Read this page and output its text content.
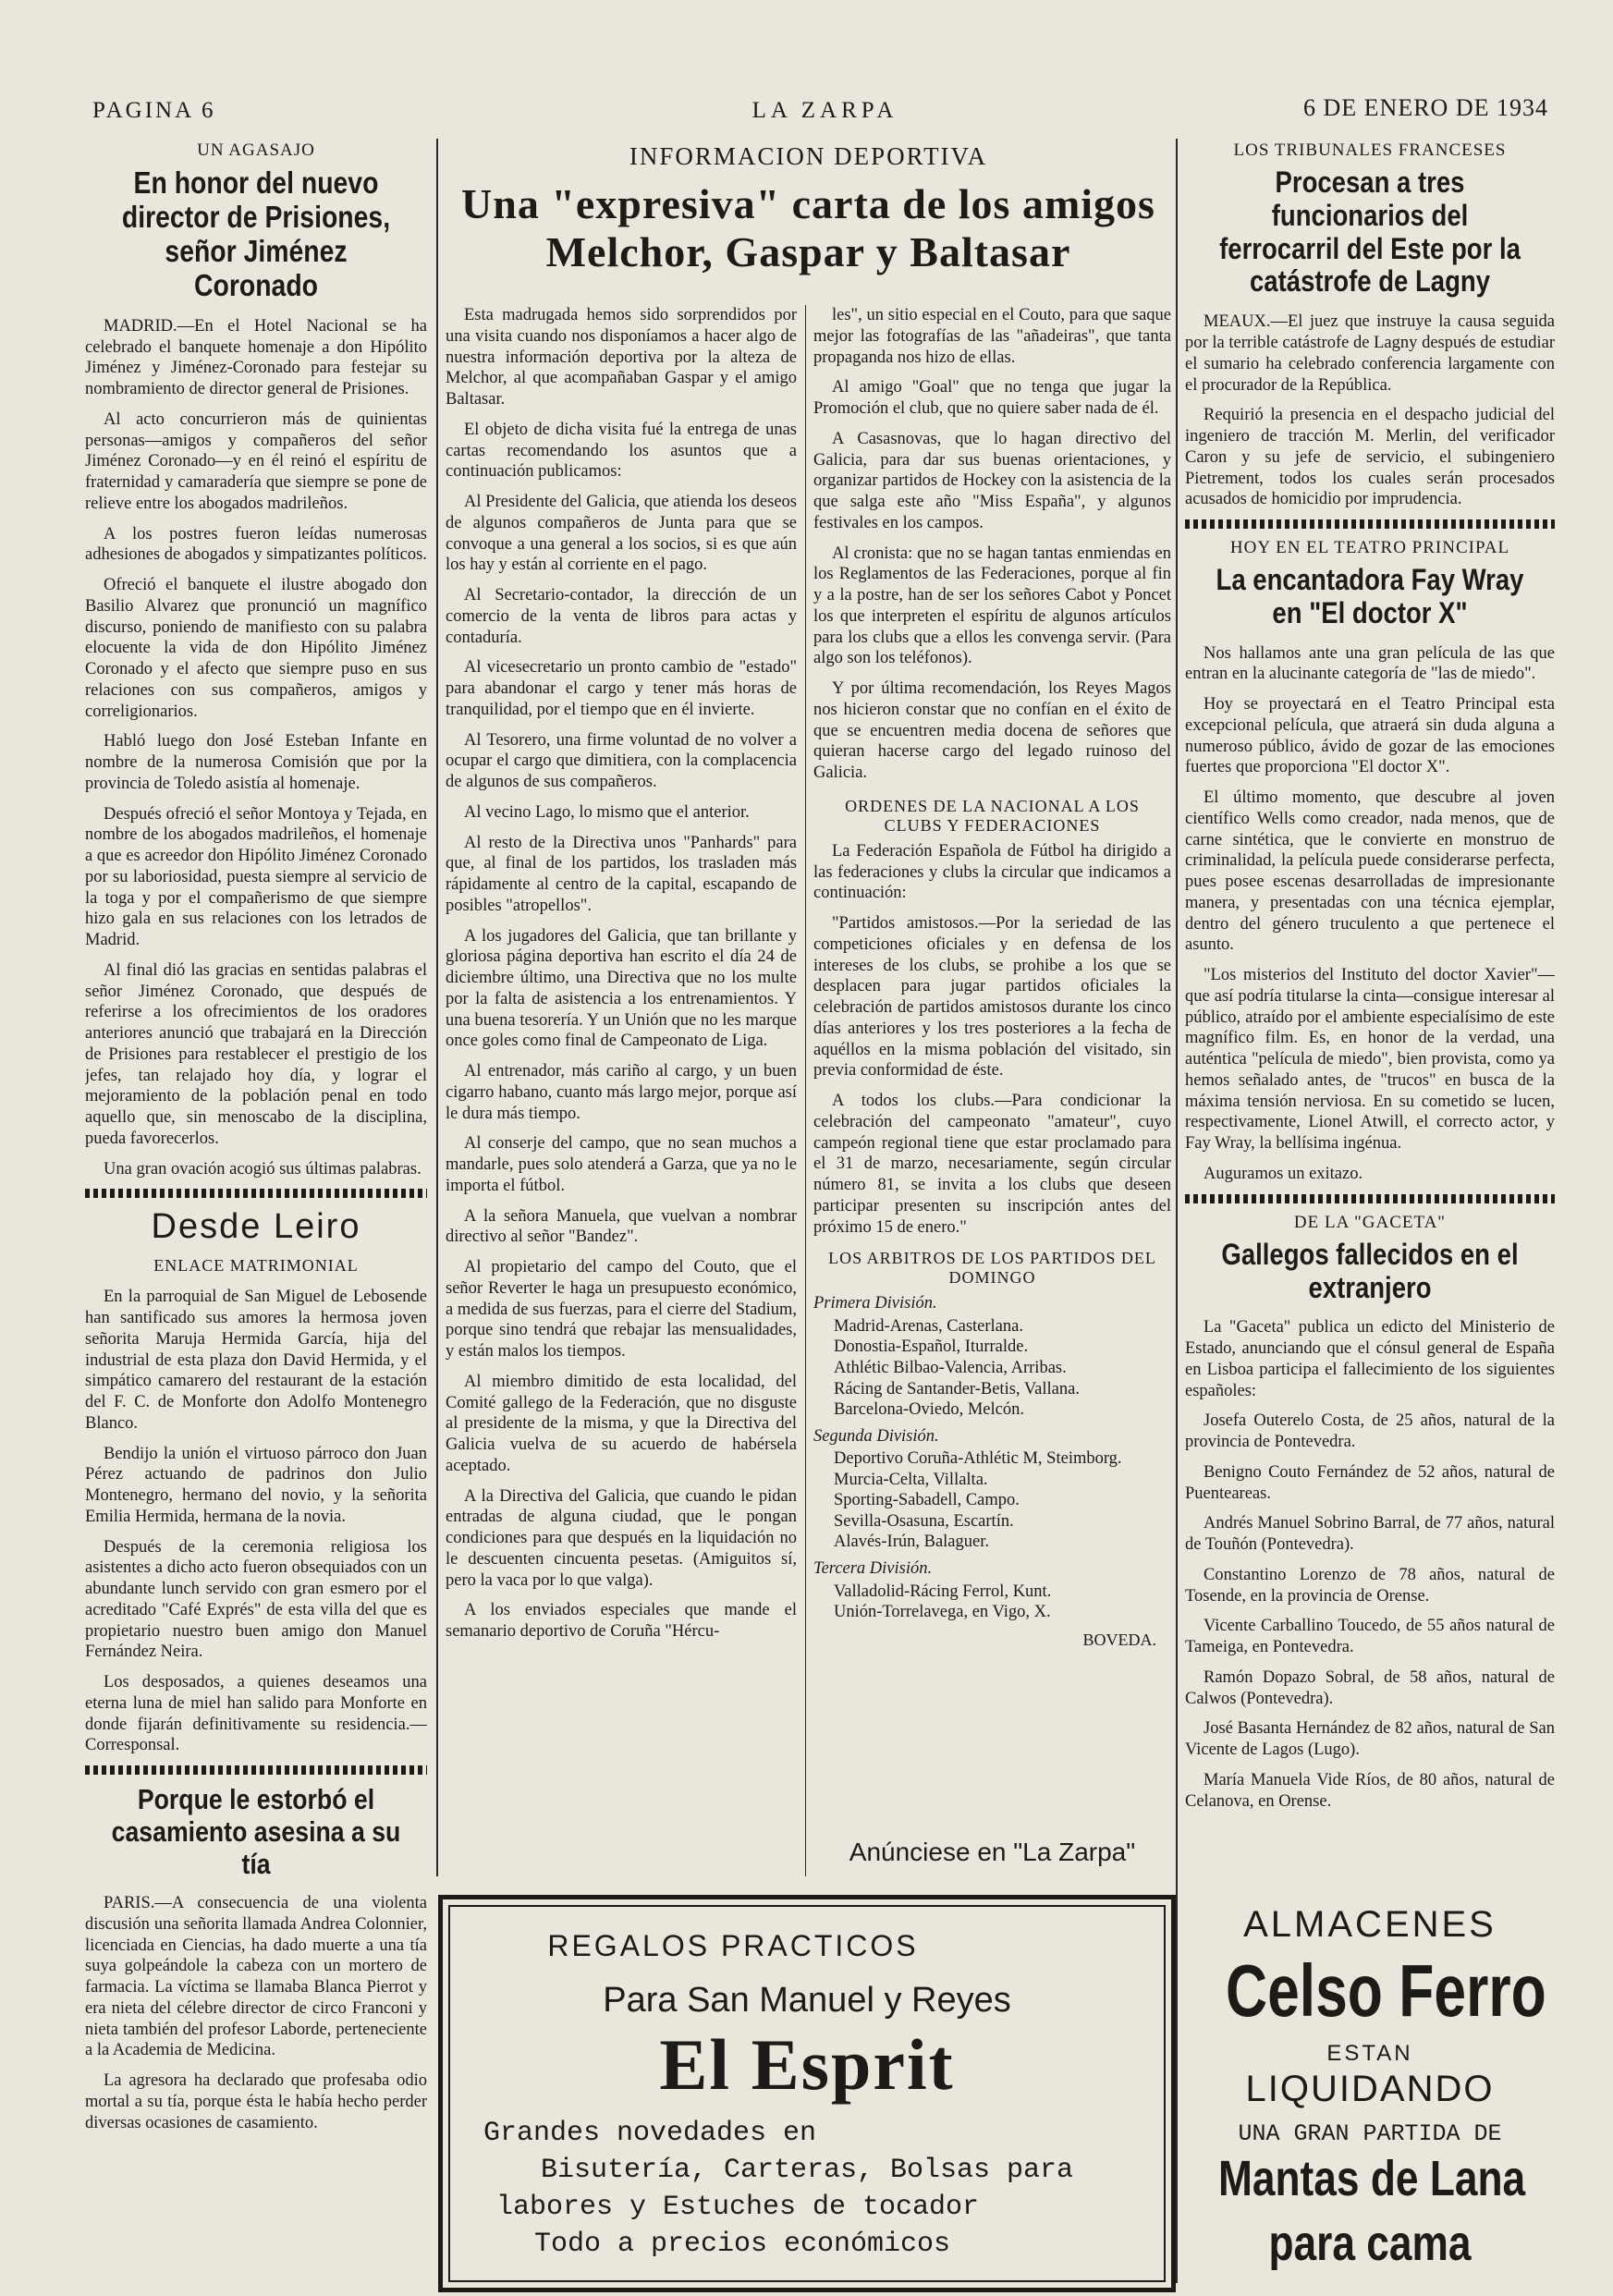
PAGINA 6	LA ZARPA	6 DE ENERO DE 1934
UN AGASAJO
En honor del nuevo director de Prisiones, señor Jiménez Coronado

MADRID.—En el Hotel Nacional se ha celebrado el banquete homenaje a don Hipólito Jiménez y Jiménez-Coronado para festejar su nombramiento de director general de Prisiones.

Al acto concurrieron más de quinientas personas—amigos y compañeros del señor Jiménez Coronado—y en él reinó el espíritu de fraternidad y camaradería que siempre se pone de relieve entre los abogados madrileños.

A los postres fueron leídas numerosas adhesiones de abogados y simpatizantes políticos.

Ofreció el banquete el ilustre abogado don Basilio Alvarez que pronunció un magnífico discurso, poniendo de manifiesto con su palabra elocuente la vida de don Hipólito Jiménez Coronado y el afecto que siempre puso en sus relaciones con sus compañeros, amigos y correligionarios.

Habló luego don José Esteban Infante en nombre de la numerosa Comisión que por la provincia de Toledo asistía al homenaje.

Después ofreció el señor Montoya y Tejada, en nombre de los abogados madrileños, el homenaje a que es acreedor don Hipólito Jiménez Coronado por su laboriosidad, puesta siempre al servicio de la toga y por el compañerismo de que siempre hizo gala en sus relaciones con los letrados de Madrid.

Al final dió las gracias en sentidas palabras el señor Jiménez Coronado, que después de referirse a los ofrecimientos de los oradores anteriores anunció que trabajará en la Dirección de Prisiones para restablecer el prestigio de los jefes, tan relajado hoy día, y lograr el mejoramiento de la población penal en todo aquello que, sin menoscabo de la disciplina, pueda favorecerlos.

Una gran ovación acogió sus últimas palabras.

Desde Leiro
ENLACE MATRIMONIAL

En la parroquial de San Miguel de Lebosende han santificado sus amores la hermosa joven señorita Maruja Hermida García, hija del industrial de esta plaza don David Hermida, y el simpático camarero del restaurant de la estación del F. C. de Monforte don Adolfo Montenegro Blanco.

Bendijo la unión el virtuoso párroco don Juan Pérez actuando de padrinos don Julio Montenegro, hermano del novio, y la señorita Emilia Hermida, hermana de la novia.

Después de la ceremonia religiosa los asistentes a dicho acto fueron obsequiados con un abundante lunch servido con gran esmero por el acreditado "Café Exprés" de esta villa del que es propietario nuestro buen amigo don Manuel Fernández Neira.

Los desposados, a quienes deseamos una eterna luna de miel han salido para Monforte en donde fijarán definitivamente su residencia.—Corresponsal.

Porque le estorbó el casamiento asesina a su tía

PARIS.—A consecuencia de una violenta discusión una señorita llamada Andrea Colonnier, licenciada en Ciencias, ha dado muerte a una tía suya golpeándole la cabeza con un mortero de farmacia. La víctima se llamaba Blanca Pierrot y era nieta del célebre director de circo Franconi y nieta también del profesor Laborde, perteneciente a la Academia de Medicina.

La agresora ha declarado que profesaba odio mortal a su tía, porque ésta le había hecho perder diversas ocasiones de casamiento.

INFORMACION DEPORTIVA
Una "expresiva" carta de los amigos Melchor, Gaspar y Baltasar

Esta madrugada hemos sido sorprendidos por una visita cuando nos disponíamos a hacer algo de nuestra información deportiva por la alteza de Melchor, al que acompañaban Gaspar y el amigo Baltasar.

El objeto de dicha visita fué la entrega de unas cartas recomendando los asuntos que a continuación publicamos:

Al Presidente del Galicia, que atienda los deseos de algunos compañeros de Junta para que se convoque a una general a los socios, si es que aún los hay y están al corriente en el pago.

Al Secretario-contador, la dirección de un comercio de la venta de libros para actas y contaduría.

Al vicesecretario un pronto cambio de "estado" para abandonar el cargo y tener más horas de tranquilidad, por el tiempo que en él invierte.

Al Tesorero, una firme voluntad de no volver a ocupar el cargo que dimitiera, con la complacencia de algunos de sus compañeros.

Al vecino Lago, lo mismo que el anterior.

Al resto de la Directiva unos "Panhards" para que, al final de los partidos, los trasladen más rápidamente al centro de la capital, escapando de posibles "atropellos".

A los jugadores del Galicia, que tan brillante y gloriosa página deportiva han escrito el día 24 de diciembre último, una Directiva que no los multe por la falta de asistencia a los entrenamientos. Y una buena tesorería. Y un Unión que no les marque once goles como final de Campeonato de Liga.

Al entrenador, más cariño al cargo, y un buen cigarro habano, cuanto más largo mejor, porque así le dura más tiempo.

Al conserje del campo, que no sean muchos a mandarle, pues solo atenderá a Garza, que ya no le importa el fútbol.

A la señora Manuela, que vuelvan a nombrar directivo al señor "Bandez".

Al propietario del campo del Couto, que el señor Reverter le haga un presupuesto económico, a medida de sus fuerzas, para el cierre del Stadium, porque sino tendrá que rebajar las mensualidades, y están malos los tiempos.

Al miembro dimitido de esta localidad, del Comité gallego de la Federación, que no disguste al presidente de la misma, y que la Directiva del Galicia vuelva de su acuerdo de habérsela aceptado.

A la Directiva del Galicia, que cuando le pidan entradas de alguna ciudad, que le pongan condiciones para que después en la liquidación no le descuenten cincuenta pesetas. (Amiguitos sí, pero la vaca por lo que valga).

A los enviados especiales que mande el semanario deportivo de Coruña "Hércu-

les", un sitio especial en el Couto, para que saque mejor las fotografías de las "añadeiras", que tanta propaganda nos hizo de ellas.

Al amigo "Goal" que no tenga que jugar la Promoción el club, que no quiere saber nada de él.

A Casasnovas, que lo hagan directivo del Galicia, para dar sus buenas orientaciones, y organizar partidos de Hockey con la asistencia de la que salga este año "Miss España", y algunos festivales en los campos.

Al cronista: que no se hagan tantas enmiendas en los Reglamentos de las Federaciones, porque al fin y a la postre, han de ser los señores Cabot y Poncet los que interpreten el espíritu de algunos artículos para los clubs que a ellos les convenga servir. (Para algo son los teléfonos).

Y por última recomendación, los Reyes Magos nos hicieron constar que no confían en el éxito de que se encuentren media docena de señores que quieran hacerse cargo del legado ruinoso del Galicia.

ORDENES DE LA NACIONAL A LOS CLUBS Y FEDERACIONES

La Federación Española de Fútbol ha dirigido a las federaciones y clubs la circular que indicamos a continuación:

"Partidos amistosos.—Por la seriedad de las competiciones oficiales y en defensa de los intereses de los clubs, se prohibe a los que se desplacen para jugar partidos oficiales la celebración de partidos amistosos durante los cinco días anteriores y los tres posteriores a la fecha de aquéllos en la misma población del visitado, sin previa conformidad de éste.

A todos los clubs.—Para condicionar la celebración del campeonato "amateur", cuyo campeón regional tiene que estar proclamado para el 31 de marzo, necesariamente, según circular número 81, se invita a los clubs que deseen participar presenten su inscripción antes del próximo 15 de enero."

LOS ARBITROS DE LOS PARTIDOS DEL DOMINGO
Primera División.
Madrid-Arenas, Casterlana.
Donostia-Español, Iturralde.
Athlétic Bilbao-Valencia, Arribas.
Rácing de Santander-Betis, Vallana.
Barcelona-Oviedo, Melcón.
Segunda División.
Deportivo Coruña-Athlétic M, Steimborg.
Murcia-Celta, Villalta.
Sporting-Sabadell, Campo.
Sevilla-Osasuna, Escartín.
Alavés-Irún, Balaguer.
Tercera División.
Valladolid-Rácing Ferrol, Kunt.
Unión-Torrelavega, en Vigo, X.
BOVEDA.
Anúnciese en "La Zarpa"
LOS TRIBUNALES FRANCESES
Procesan a tres funcionarios del ferrocarril del Este por la catástrofe de Lagny

MEAUX.—El juez que instruye la causa seguida por la terrible catástrofe de Lagny después de estudiar el sumario ha celebrado conferencia largamente con el procurador de la República.

Requirió la presencia en el despacho judicial del ingeniero de tracción M. Merlin, del verificador Caron y su jefe de servicio, el subingeniero Pietrement, todos los cuales serán procesados acusados de homicidio por imprudencia.

HOY EN EL TEATRO PRINCIPAL
La encantadora Fay Wray en "El doctor X"

Nos hallamos ante una gran película de las que entran en la alucinante categoría de "las de miedo".

Hoy se proyectará en el Teatro Principal esta excepcional película, que atraerá sin duda alguna a numeroso público, ávido de gozar de las emociones fuertes que proporciona "El doctor X".

El último momento, que descubre al joven científico Wells como creador, nada menos, que de carne sintética, que le convierte en monstruo de criminalidad, la película puede considerarse perfecta, pues posee escenas desarrolladas de impresionante manera, y presentadas con una técnica ejemplar, dentro del género truculento a que pertenece el asunto.

"Los misterios del Instituto del doctor Xavier"—que así podría titularse la cinta—consigue interesar al público, atraído por el ambiente especialísimo de este magnífico film. Es, en honor de la verdad, una auténtica "película de miedo", bien provista, como ya hemos señalado antes, de "trucos" en busca de la máxima tensión nerviosa. En su cometido se lucen, respectivamente, Lionel Atwill, el correcto actor, y Fay Wray, la bellísima ingénua.

Auguramos un exitazo.

DE LA "GACETA"
Gallegos fallecidos en el extranjero

La "Gaceta" publica un edicto del Ministerio de Estado, anunciando que el cónsul general de España en Lisboa participa el fallecimiento de los siguientes españoles:

Josefa Outerelo Costa, de 25 años, natural de la provincia de Pontevedra.

Benigno Couto Fernández de 52 años, natural de Puenteareas.

Andrés Manuel Sobrino Barral, de 77 años, natural de Touñón (Pontevedra).

Constantino Lorenzo de 78 años, natural de Tosende, en la provincia de Orense.

Vicente Carballino Toucedo, de 55 años natural de Tameiga, en Pontevedra.

Ramón Dopazo Sobral, de 58 años, natural de Calwos (Pontevedra).

José Basanta Hernández de 82 años, natural de San Vicente de Lagos (Lugo).

María Manuela Vide Ríos, de 80 años, natural de Celanova, en Orense.

REGALOS PRACTICOS
Para San Manuel y Reyes
El Esprit
Grandes novedades en
Bisutería, Carteras, Bolsas para
labores y Estuches de tocador
Todo a precios económicos
ALMACENES
Celso Ferro
ESTAN
LIQUIDANDO
UNA GRAN PARTIDA DE
Mantas de Lana
para cama
